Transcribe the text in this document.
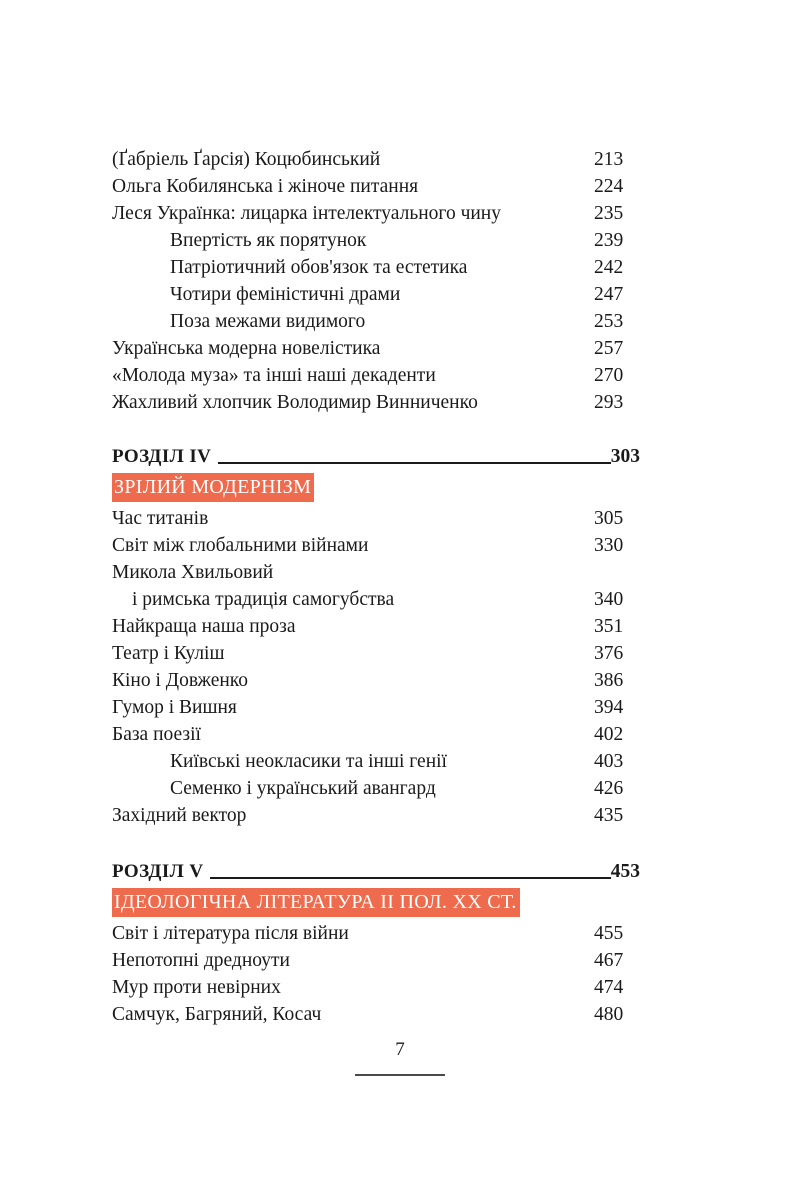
(Ґабріель Ґарсія) Коцюбинський	213
Ольга Кобилянська і жіноче питання	224
Леся Українка: лицарка інтелектуального чину	235
Впертість як порятунок	239
Патріотичний обов'язок та естетика	242
Чотири феміністичні драми	247
Поза межами видимого	253
Українська модерна новелістика	257
«Молода муза» та інші наші декаденти	270
Жахливий хлопчик Володимир Винниченко	293
РОЗДІЛ IV	303
ЗРІЛИЙ МОДЕРНІЗМ
Час титанів	305
Світ між глобальними війнами	330
Микола Хвильовий
і римська традиція самогубства	340
Найкраща наша проза	351
Театр і Куліш	376
Кіно і Довженко	386
Гумор і Вишня	394
База поезії	402
Київські неокласики та інші генії	403
Семенко і український авангард	426
Західний вектор	435
РОЗДІЛ V	453
ІДЕОЛОГІЧНА ЛІТЕРАТУРА ІІ ПОЛ. ХХ СТ.
Світ і література після війни	455
Непотопні дредноути	467
Мур проти невірних	474
Самчук, Багряний, Косач	480
7
